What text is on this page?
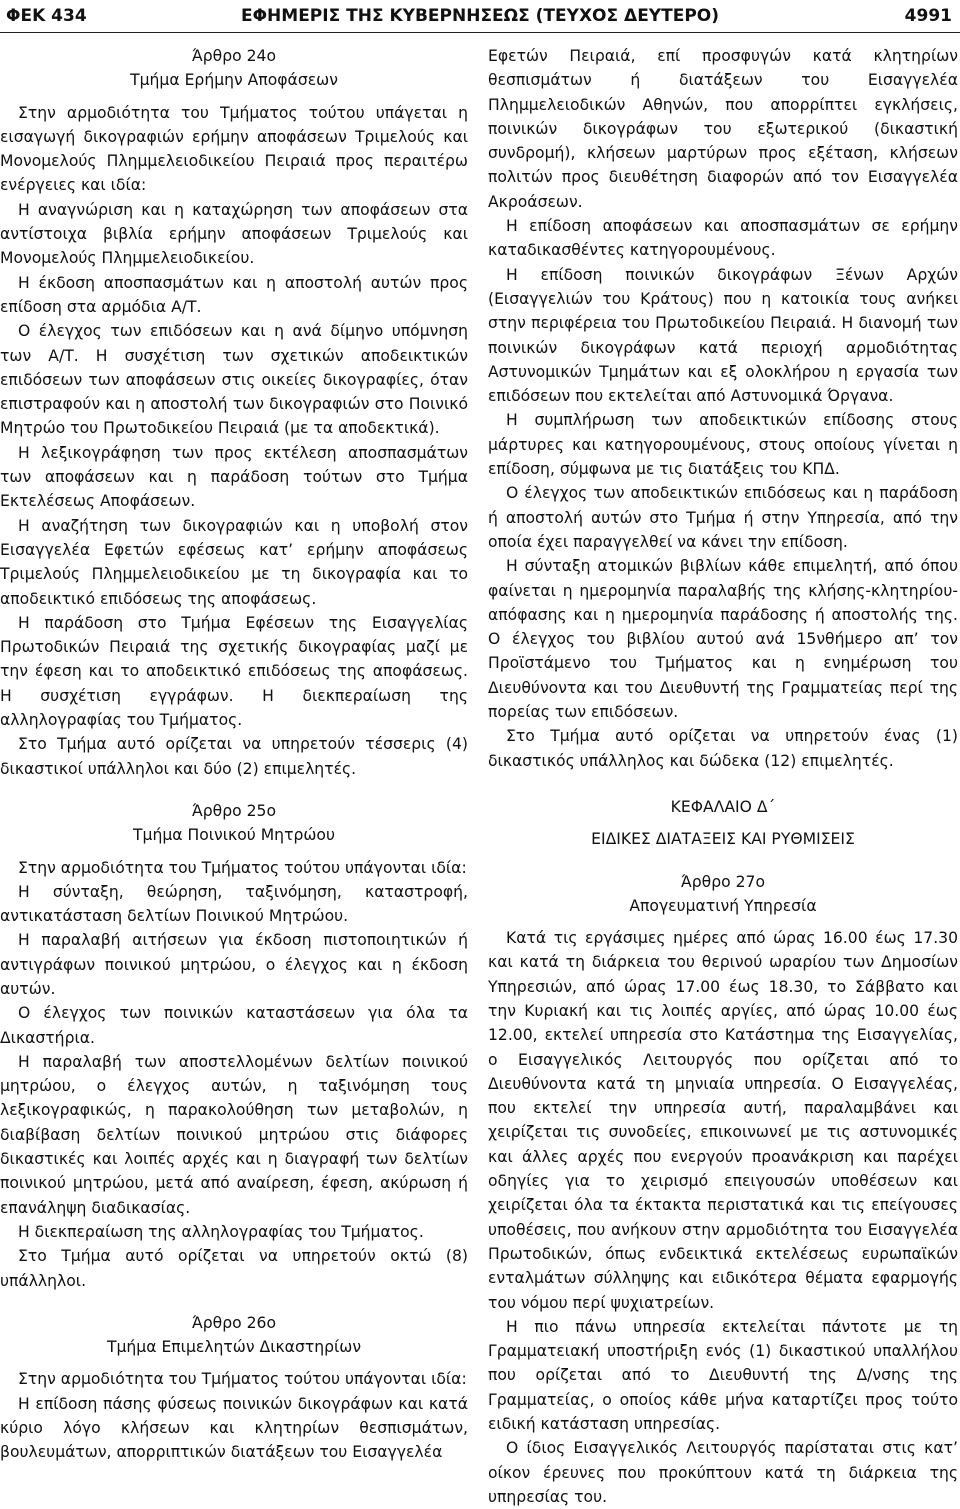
ΦΕΚ 434	ΕΦΗΜΕΡΙΣ ΤΗΣ ΚΥΒΕΡΝΗΣΕΩΣ (ΤΕΥΧΟΣ ΔΕΥΤΕΡΟ)	4991

Άρθρο 24ο

Τμήμα Ερήμην Αποφάσεων

Στην αρμοδιότητα του Τμήματος τούτου υπάγεται η εισαγωγή δικογραφιών ερήμην αποφάσεων Τριμελούς και Μονομελούς Πλημμελειοδικείου Πειραιά προς περαιτέρω ενέργειες και ιδία:

Η αναγνώριση και η καταχώρηση των αποφάσεων στα αντίστοιχα βιβλία ερήμην αποφάσεων Τριμελούς και Μονομελούς Πλημμελειοδικείου.

Η έκδοση αποσπασμάτων και η αποστολή αυτών προς επίδοση στα αρμόδια Α/Τ.

Ο έλεγχος των επιδόσεων και η ανά δίμηνο υπόμνηση των Α/Τ. Η συσχέτιση των σχετικών αποδεικτικών επιδόσεων των αποφάσεων στις οικείες δικογραφίες, όταν επιστραφούν και η αποστολή των δικογραφιών στο Ποινικό Μητρώο του Πρωτοδικείου Πειραιά (με τα αποδεκτικά).

Η λεξικογράφηση των προς εκτέλεση αποσπασμάτων των αποφάσεων και η παράδοση τούτων στο Τμήμα Εκτελέσεως Αποφάσεων.

Η αναζήτηση των δικογραφιών και η υποβολή στον Εισαγγελέα Εφετών εφέσεως κατ’ ερήμην αποφάσεως Τριμελούς Πλημμελειοδικείου με τη δικογραφία και το αποδεικτικό επιδόσεως της αποφάσεως.

Η παράδοση στο Τμήμα Εφέσεων της Εισαγγελίας Πρωτοδικών Πειραιά της σχετικής δικογραφίας μαζί με την έφεση και το αποδεικτικό επιδόσεως της αποφάσεως. Η συσχέτιση εγγράφων. Η διεκπεραίωση της αλληλογραφίας του Τμήματος.

Στο Τμήμα αυτό ορίζεται να υπηρετούν τέσσερις (4) δικαστικοί υπάλληλοι και δύο (2) επιμελητές.

Άρθρο 25ο

Τμήμα Ποινικού Μητρώου

Στην αρμοδιότητα του Τμήματος τούτου υπάγονται ιδία:

Η σύνταξη, θεώρηση, ταξινόμηση, καταστροφή, αντικατάσταση δελτίων Ποινικού Μητρώου.

Η παραλαβή αιτήσεων για έκδοση πιστοποιητικών ή αντιγράφων ποινικού μητρώου, ο έλεγχος και η έκδοση αυτών.

Ο έλεγχος των ποινικών καταστάσεων για όλα τα Δικαστήρια.

Η παραλαβή των αποστελλομένων δελτίων ποινικού μητρώου, ο έλεγχος αυτών, η ταξινόμηση τους λεξικογραφικώς, η παρακολούθηση των μεταβολών, η διαβίβαση δελτίων ποινικού μητρώου στις διάφορες δικαστικές και λοιπές αρχές και η διαγραφή των δελτίων ποινικού μητρώου, μετά από αναίρεση, έφεση, ακύρωση ή επανάληψη διαδικασίας.

Η διεκπεραίωση της αλληλογραφίας του Τμήματος.

Στο Τμήμα αυτό ορίζεται να υπηρετούν οκτώ (8) υπάλληλοι.

Άρθρο 26ο

Τμήμα Επιμελητών Δικαστηρίων

Στην αρμοδιότητα του Τμήματος τούτου υπάγονται ιδία:

Η επίδοση πάσης φύσεως ποινικών δικογράφων και κατά κύριο λόγο κλήσεων και κλητηρίων θεσπισμάτων, βουλευμάτων, απορριπτικών διατάξεων του Εισαγγελέα

Εφετών Πειραιά, επί προσφυγών κατά κλητηρίων θεσπισμάτων ή διατάξεων του Εισαγγελέα Πλημμελειοδικών Αθηνών, που απορρίπτει εγκλήσεις, ποινικών δικογράφων του εξωτερικού (δικαστική συνδρομή), κλήσεων μαρτύρων προς εξέταση, κλήσεων πολιτών προς διευθέτηση διαφορών από τον Εισαγγελέα Ακροάσεων.

Η επίδοση αποφάσεων και αποσπασμάτων σε ερήμην καταδικασθέντες κατηγορουμένους.

Η επίδοση ποινικών δικογράφων Ξένων Αρχών (Εισαγγελιών του Κράτους) που η κατοικία τους ανήκει στην περιφέρεια του Πρωτοδικείου Πειραιά. Η διανομή των ποινικών δικογράφων κατά περιοχή αρμοδιότητας Αστυνομικών Τμημάτων και εξ ολοκλήρου η εργασία των επιδόσεων που εκτελείται από Αστυνομικά Όργανα.

Η συμπλήρωση των αποδεικτικών επίδοσης στους μάρτυρες και κατηγορουμένους, στους οποίους γίνεται η επίδοση, σύμφωνα με τις διατάξεις του ΚΠΔ.

Ο έλεγχος των αποδεικτικών επιδόσεως και η παράδοση ή αποστολή αυτών στο Τμήμα ή στην Υπηρεσία, από την οποία έχει παραγγελθεί να κάνει την επίδοση.

Η σύνταξη ατομικών βιβλίων κάθε επιμελητή, από όπου φαίνεται η ημερομηνία παραλαβής της κλήσης-κλητηρίου-απόφασης και η ημερομηνία παράδοσης ή αποστολής της. Ο έλεγχος του βιβλίου αυτού ανά 15νθήμερο απ’ τον Προϊστάμενο του Τμήματος και η ενημέρωση του Διευθύνοντα και του Διευθυντή της Γραμματείας περί της πορείας των επιδόσεων.

Στο Τμήμα αυτό ορίζεται να υπηρετούν ένας (1) δικαστικός υπάλληλος και δώδεκα (12) επιμελητές.

ΚΕΦΑΛΑΙΟ Δ΄

ΕΙΔΙΚΕΣ ΔΙΑΤΑΞΕΙΣ ΚΑΙ ΡΥΘΜΙΣΕΙΣ

Άρθρο 27ο

Απογευματινή Υπηρεσία

Κατά τις εργάσιμες ημέρες από ώρας 16.00 έως 17.30 και κατά τη διάρκεια του θερινού ωραρίου των Δημοσίων Υπηρεσιών, από ώρας 17.00 έως 18.30, το Σάββατο και την Κυριακή και τις λοιπές αργίες, από ώρας 10.00 έως 12.00, εκτελεί υπηρεσία στο Κατάστημα της Εισαγγελίας, ο Εισαγγελικός Λειτουργός που ορίζεται από το Διευθύνοντα κατά τη μηνιαία υπηρεσία. Ο Εισαγγελέας, που εκτελεί την υπηρεσία αυτή, παραλαμβάνει και χειρίζεται τις συνοδείες, επικοινωνεί με τις αστυνομικές και άλλες αρχές που ενεργούν προανάκριση και παρέχει οδηγίες για το χειρισμό επειγουσών υποθέσεων και χειρίζεται όλα τα έκτακτα περιστατικά και τις επείγουσες υποθέσεις, που ανήκουν στην αρμοδιότητα του Εισαγγελέα Πρωτοδικών, όπως ενδεικτικά εκτελέσεως ευρωπαϊκών ενταλμάτων σύλληψης και ειδικότερα θέματα εφαρμογής του νόμου περί ψυχιατρείων.

Η πιο πάνω υπηρεσία εκτελείται πάντοτε με τη Γραμματειακή υποστήριξη ενός (1) δικαστικού υπαλλήλου που ορίζεται από το Διευθυντή της Δ/νσης της Γραμματείας, ο οποίος κάθε μήνα καταρτίζει προς τούτο ειδική κατάσταση υπηρεσίας.

Ο ίδιος Εισαγγελικός Λειτουργός παρίσταται στις κατ’ οίκον έρευνες που προκύπτουν κατά τη διάρκεια της υπηρεσίας του.
